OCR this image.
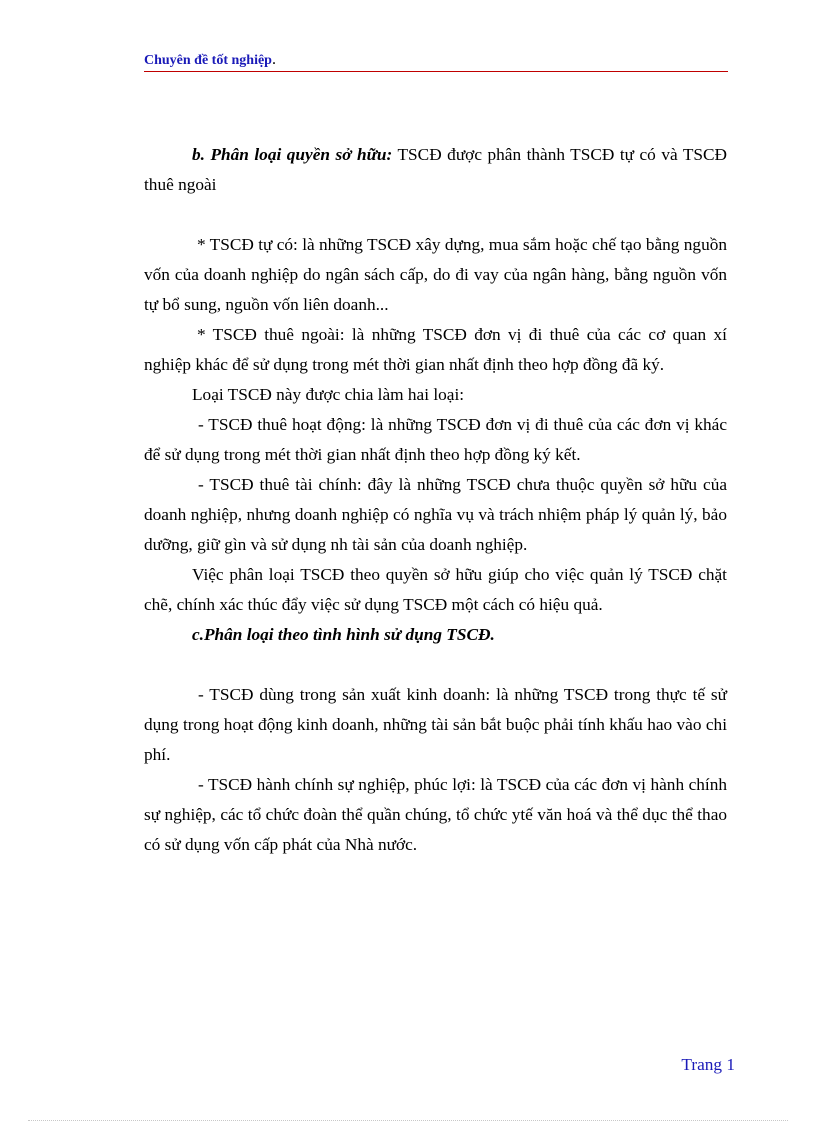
Chuyên đề tốt nghiệp.

b. Phân loại quyền sở hữu: TSCĐ được phân thành TSCĐ tự có và TSCĐ thuê ngoài

* TSCĐ tự có: là những TSCĐ xây dựng, mua sắm hoặc chế tạo bằng nguồn vốn của doanh nghiệp do ngân sách cấp, do đi vay của ngân hàng, bằng nguồn vốn tự bổ sung, nguồn vốn liên doanh...

* TSCĐ thuê ngoài: là những TSCĐ đơn vị đi thuê của các cơ quan xí nghiệp khác để sử dụng trong mét thời gian nhất định theo hợp đồng đã ký.

Loại TSCĐ này được chia làm hai loại:

- TSCĐ thuê hoạt động: là những TSCĐ đơn vị đi thuê của các đơn vị khác để sử dụng trong mét thời gian nhất định theo hợp đồng ký kết.

- TSCĐ thuê tài chính: đây là những TSCĐ chưa thuộc quyền sở hữu của doanh nghiệp, nhưng doanh nghiệp có nghĩa vụ và trách nhiệm pháp lý quản lý, bảo dưỡng, giữ gìn và sử dụng nh tài sản của doanh nghiệp.

Việc phân loại TSCĐ theo quyền sở hữu giúp cho việc quản lý TSCĐ chặt chẽ, chính xác thúc đẩy việc sử dụng TSCĐ một cách có hiệu quả.

c.Phân loại theo tình hình sử dụng TSCĐ.

- TSCĐ dùng trong sản xuất kinh doanh: là những TSCĐ trong thực tế sử dụng trong hoạt động kinh doanh, những tài sản bắt buộc phải tính khấu hao vào chi phí.

- TSCĐ hành chính sự nghiệp, phúc lợi: là TSCĐ của các đơn vị hành chính sự nghiệp, các tổ chức đoàn thể quần chúng, tổ chức ytế văn hoá và thể dục thể thao có sử dụng vốn cấp phát của Nhà nước.

Trang 1
